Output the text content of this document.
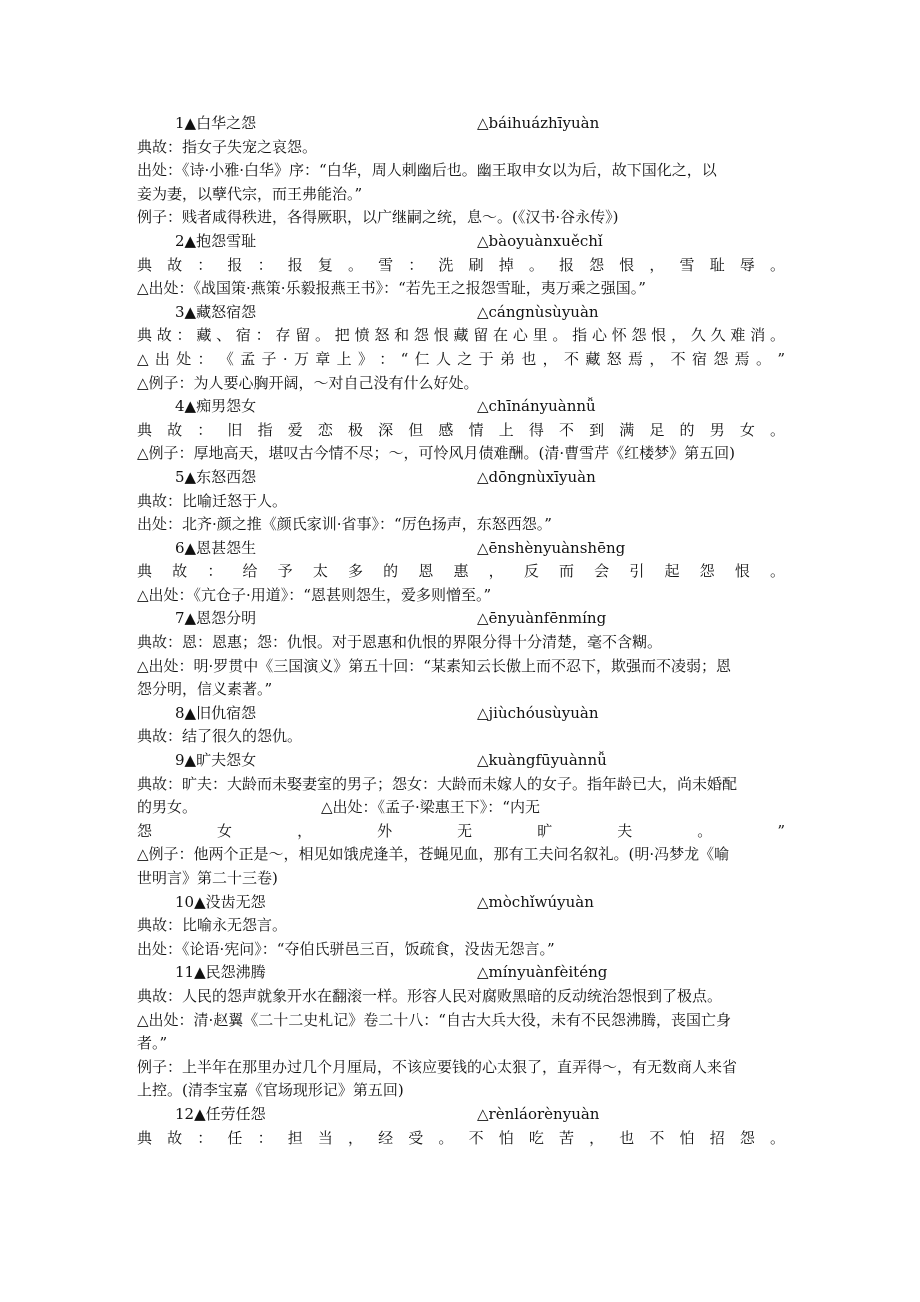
1▲白华之怨	△báihuázhīyuàn
典故：指女子失宠之哀怨。
出处：《诗·小雅·白华》序：“白华，周人刺幽后也。幽王取申女以为后，故下国化之，以
妾为妻，以孽代宗，而王弗能治。”
例子：贱者咸得秩进，各得厥职，以广继嗣之统，息～。(《汉书·谷永传》)
2▲抱怨雪耻	△bàoyuànxuěchǐ
典​故​：​报​：​报​复​。​雪​：​洗​刷​掉​。​报​怨​恨​，​雪​耻​辱​。
△出处：《战国策·燕策·乐毅报燕王书》：“若先王之报怨雪耻，夷万乘之强国。”
3▲藏怒宿怨	△cángnùsùyuàn
典​故​：​藏​、​宿​：​存​留​。​把​愤​怒​和​怨​恨​藏​留​在​心​里​。​指​心​怀​怨​恨​，​久​久​难​消​。
△​出​处​：​《​孟​子​·​万​章​上​》​：​“​仁​人​之​于​弟​也​，​不​藏​怒​焉​，​不​宿​怨​焉​。​”
△例子：为人要心胸开阔，～对自己没有什么好处。
4▲痴男怨女	△chīnányuànnǚ
典​故​：​旧​指​爱​恋​极​深​但​感​情​上​得​不​到​满​足​的​男​女​。
△例子：厚地高天，堪叹古今情不尽；～，可怜风月债难酬。(清·曹雪芹《红楼梦》第五回)
5▲东怒西怨	△dōngnùxīyuàn
典故：比喻迁怒于人。
出处：北齐·颜之推《颜氏家训·省事》：“厉色扬声，东怒西怨。”
6▲恩甚怨生	△ēnshènyuànshēng
典​故​：​给​予​太​多​的​恩​惠​，​反​而​会​引​起​怨​恨​。
△出处：《亢仓子·用道》：“恩甚则怨生，爱多则憎至。”
7▲恩怨分明	△ēnyuànfēnmíng
典故：恩：恩惠；怨：仇恨。对于恩惠和仇恨的界限分得十分清楚，毫不含糊。
△出处：明·罗贯中《三国演义》第五十回：“某素知云长傲上而不忍下，欺强而不凌弱；恩
怨分明，信义素著。”
8▲旧仇宿怨	△jiùchóusùyuàn
典故：结了很久的怨仇。
9▲旷夫怨女	△kuàngfūyuànnǚ
典故：旷夫：大龄而未娶妻室的男子；怨女：大龄而未嫁人的女子。指年龄已大，尚未婚配
的男女。                          △出处：《孟子·梁惠王下》：“内无
怨​女​，​外​无​旷​夫​。​”
△例子：他两个正是～，相见如饿虎逢羊，苍蝇见血，那有工夫问名叙礼。(明·冯梦龙《喻
世明言》第二十三卷)
10▲没齿无怨	△mòchǐwúyuàn
典故：比喻永无怨言。
出处：《论语·宪问》：“夺伯氏骈邑三百，饭疏食，没齿无怨言。”
11▲民怨沸腾	△mínyuànfèiténg
典故：人民的怨声就象开水在翻滚一样。形容人民对腐败黑暗的反动统治怨恨到了极点。
△出处：清·赵翼《二十二史札记》卷二十八：“自古大兵大役，未有不民怨沸腾，丧国亡身
者。”
例子：上半年在那里办过几个月厘局，不该应要钱的心太狠了，直弄得～，有无数商人来省
上控。(清李宝嘉《官场现形记》第五回)
12▲任劳任怨	△rènláorènyuàn
典​故​：​任​：​担​当​，​经​受​。​不​怕​吃​苦​，​也​不​怕​招​怨​。
